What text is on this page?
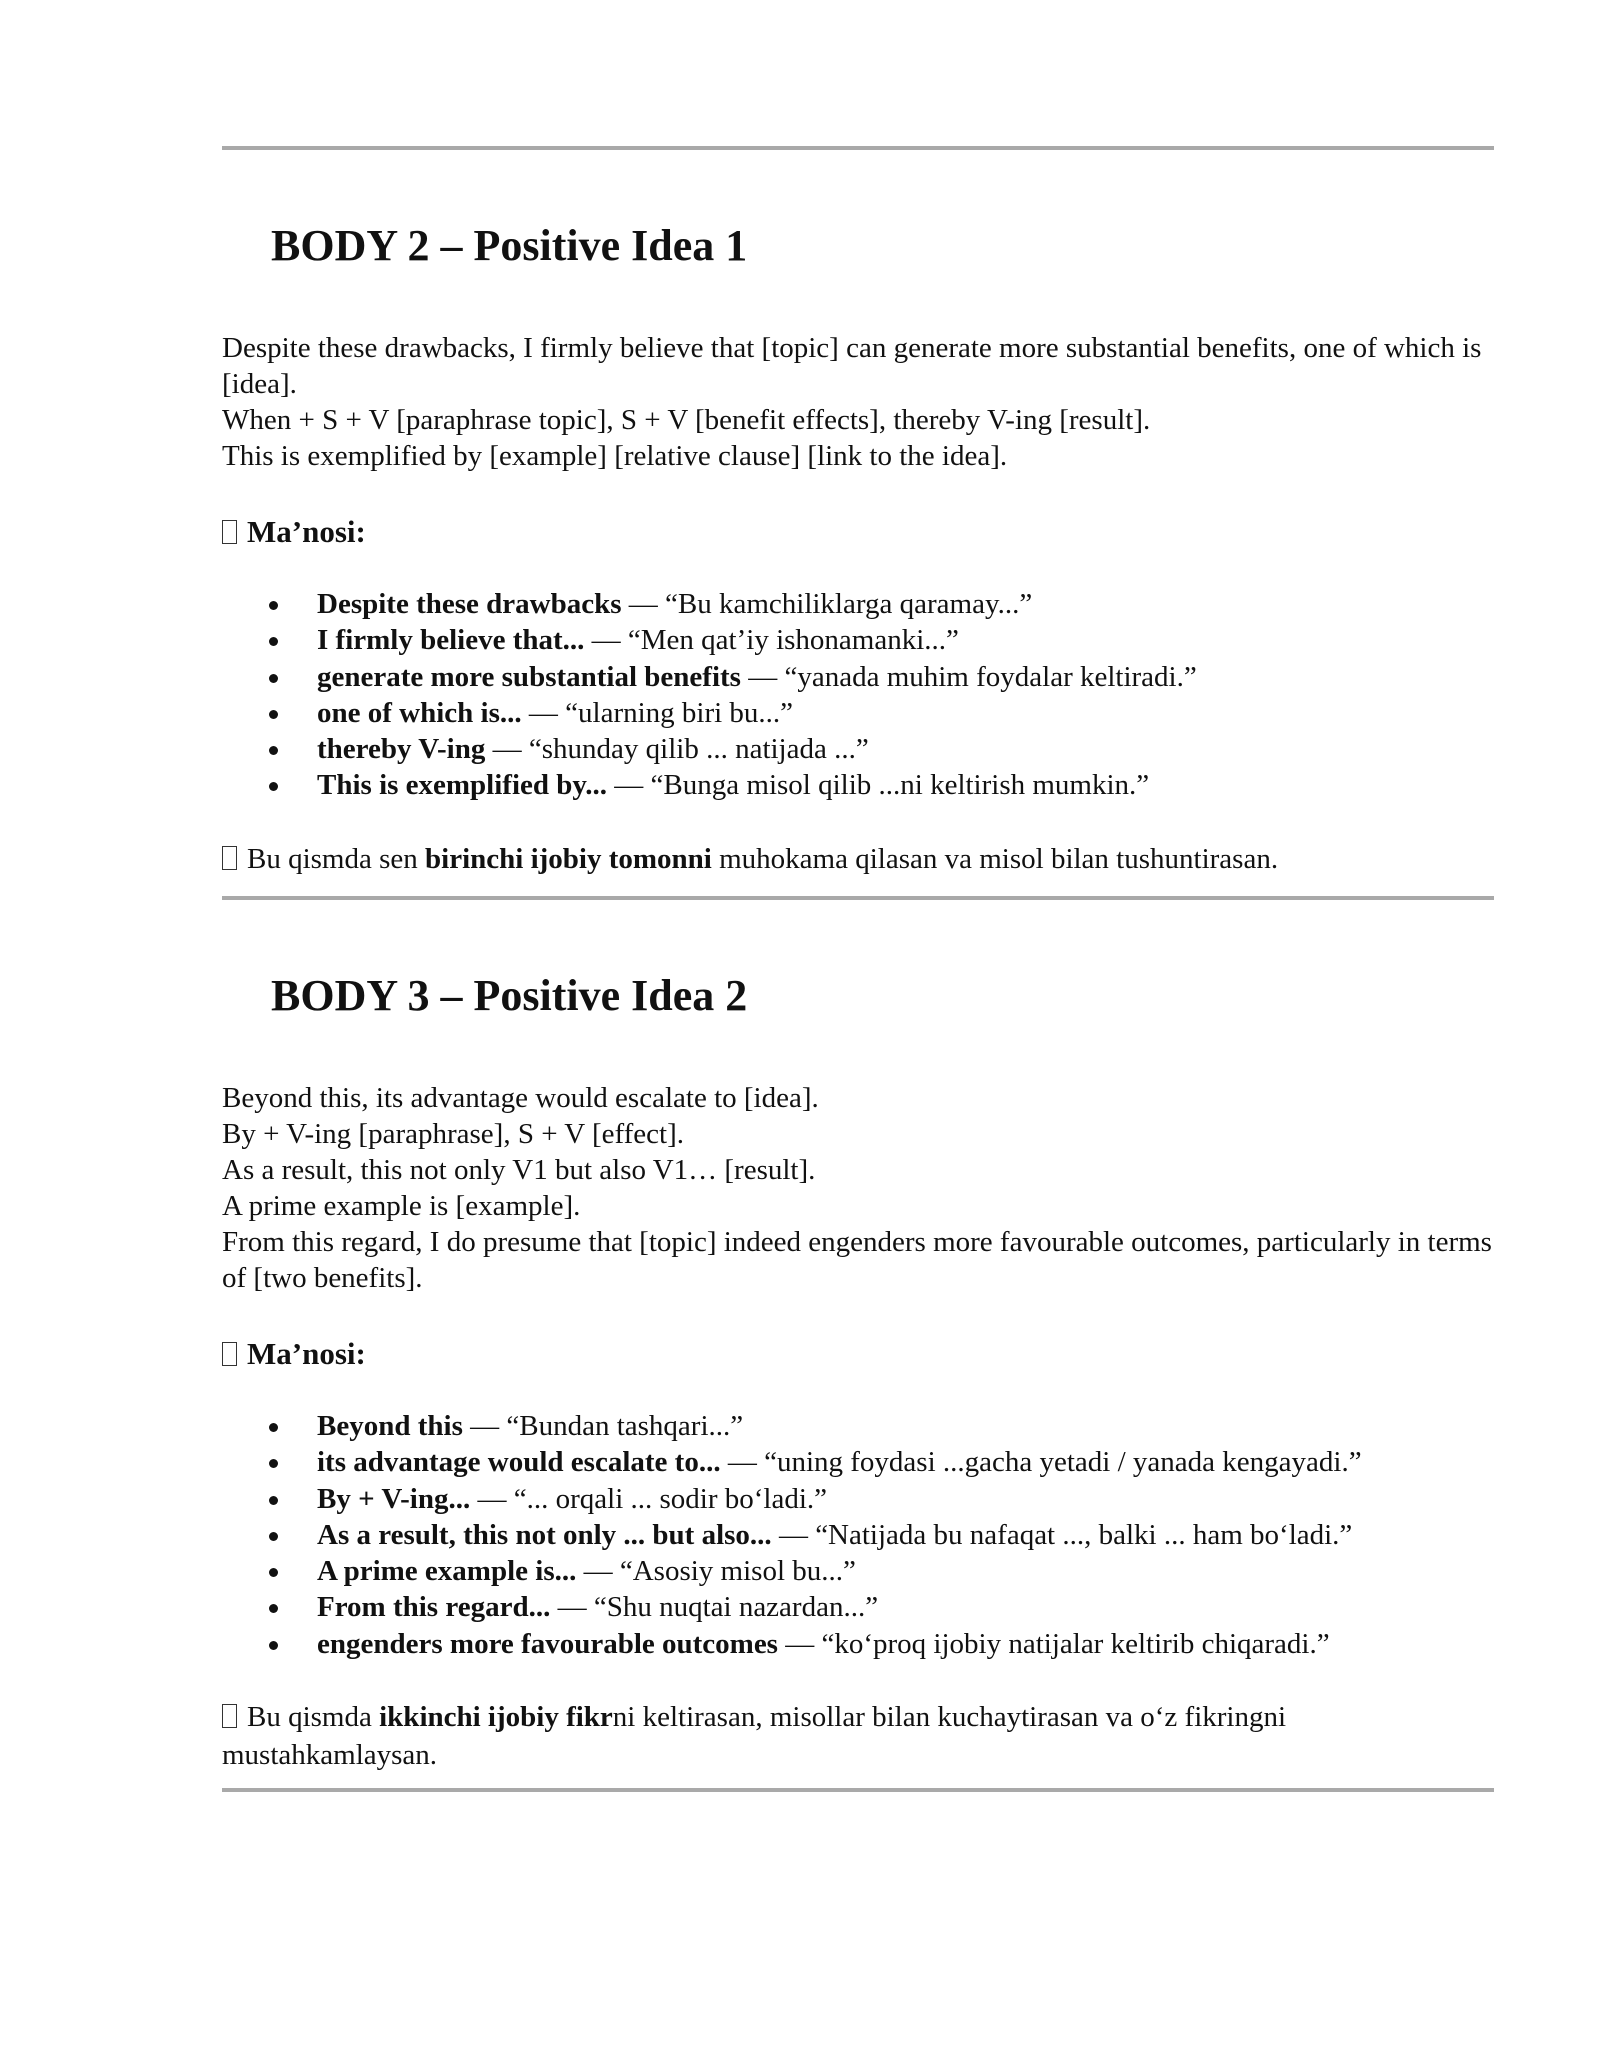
BODY 2 – Positive Idea 1
Despite these drawbacks, I firmly believe that [topic] can generate more substantial benefits, one of which is [idea].
When + S + V [paraphrase topic], S + V [benefit effects], thereby V-ing [result].
This is exemplified by [example] [relative clause] [link to the idea].

Ma’nosi:

Despite these drawbacks — “Bu kamchiliklarga qaramay...”
I firmly believe that... — “Men qat’iy ishonamanki...”
generate more substantial benefits — “yanada muhim foydalar keltiradi.”
one of which is... — “ularning biri bu...”
thereby V-ing — “shunday qilib ... natijada ...”
This is exemplified by... — “Bunga misol qilib ...ni keltirish mumkin.”

Bu qismda sen birinchi ijobiy tomonni muhokama qilasan va misol bilan tushuntirasan.

BODY 3 – Positive Idea 2
Beyond this, its advantage would escalate to [idea].
By + V-ing [paraphrase], S + V [effect].
As a result, this not only V1 but also V1… [result].
A prime example is [example].
From this regard, I do presume that [topic] indeed engenders more favourable outcomes, particularly in terms of [two benefits].

Ma’nosi:

Beyond this — “Bundan tashqari...”
its advantage would escalate to... — “uning foydasi ...gacha yetadi / yanada kengayadi.”
By + V-ing... — “... orqali ... sodir boʻladi.”
As a result, this not only ... but also... — “Natijada bu nafaqat ..., balki ... ham boʻladi.”
A prime example is... — “Asosiy misol bu...”
From this regard... — “Shu nuqtai nazardan...”
engenders more favourable outcomes — “koʻproq ijobiy natijalar keltirib chiqaradi.”

Bu qismda ikkinchi ijobiy fikrni keltirasan, misollar bilan kuchaytirasan va oʻz fikringni mustahkamlaysan.
